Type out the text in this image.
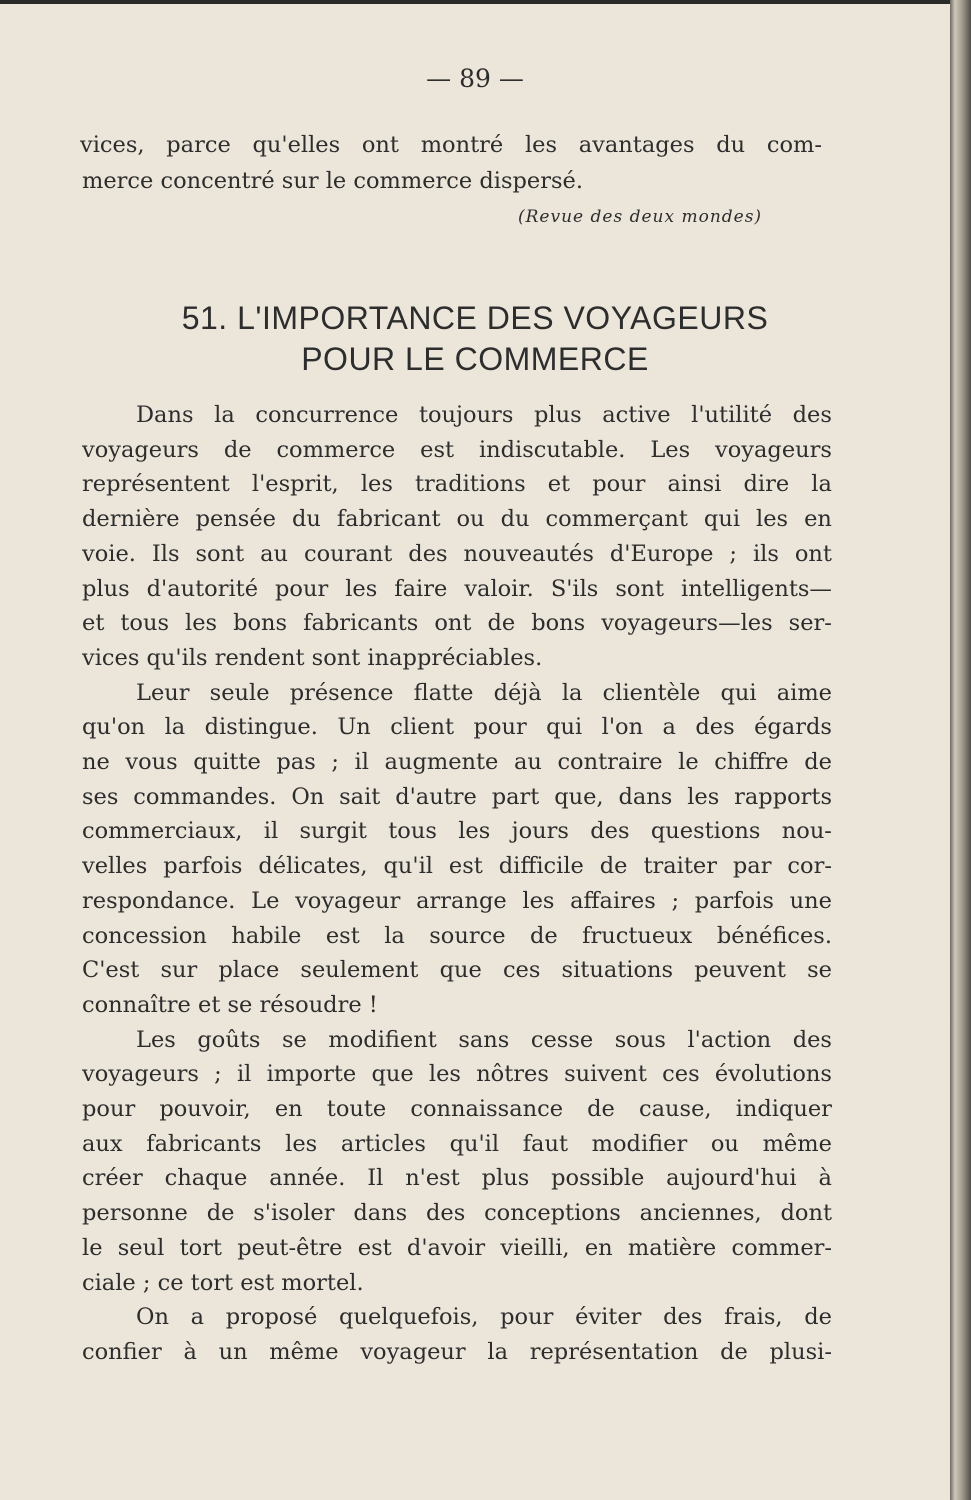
— 89 —
vices, parce qu'elles ont montré les avantages du com-
merce concentré sur le commerce dispersé.
(Revue des deux mondes)
51. L'IMPORTANCE DES VOYAGEURS
POUR LE COMMERCE
Dans la concurrence toujours plus active l'utilité des
voyageurs de commerce est indiscutable. Les voyageurs
représentent l'esprit, les traditions et pour ainsi dire la
dernière pensée du fabricant ou du commerçant qui les en
voie. Ils sont au courant des nouveautés d'Europe ; ils ont
plus d'autorité pour les faire valoir. S'ils sont intelligents—
et tous les bons fabricants ont de bons voyageurs—les ser-
vices qu'ils rendent sont inappréciables.
Leur seule présence flatte déjà la clientèle qui aime
qu'on la distingue. Un client pour qui l'on a des égards
ne vous quitte pas ; il augmente au contraire le chiffre de
ses commandes. On sait d'autre part que, dans les rapports
commerciaux, il surgit tous les jours des questions nou-
velles parfois délicates, qu'il est difficile de traiter par cor-
respondance. Le voyageur arrange les affaires ; parfois une
concession habile est la source de fructueux bénéfices.
C'est sur place seulement que ces situations peuvent se
connaître et se résoudre !
Les goûts se modifient sans cesse sous l'action des
voyageurs ; il importe que les nôtres suivent ces évolutions
pour pouvoir, en toute connaissance de cause, indiquer
aux fabricants les articles qu'il faut modifier ou même
créer chaque année. Il n'est plus possible aujourd'hui à
personne de s'isoler dans des conceptions anciennes, dont
le seul tort peut-être est d'avoir vieilli, en matière commer-
ciale ; ce tort est mortel.
On a proposé quelquefois, pour éviter des frais, de
confier à un même voyageur la représentation de plusi-
